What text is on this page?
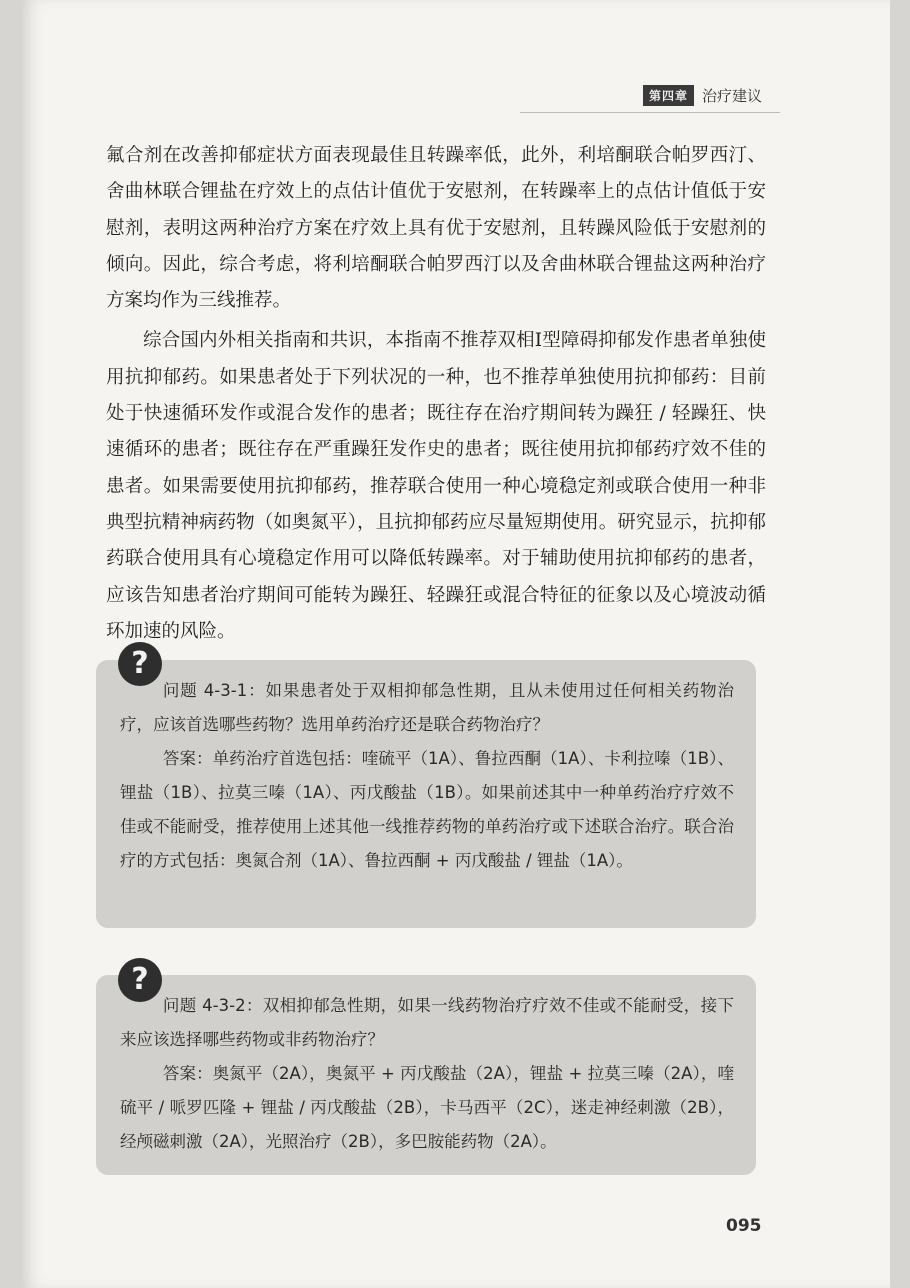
第四章 治疗建议

氟合剂在改善抑郁症状方面表现最佳且转躁率低，此外，利培酮联合帕罗西汀、舍曲林联合锂盐在疗效上的点估计值优于安慰剂，在转躁率上的点估计值低于安慰剂，表明这两种治疗方案在疗效上具有优于安慰剂，且转躁风险低于安慰剂的倾向。因此，综合考虑，将利培酮联合帕罗西汀以及舍曲林联合锂盐这两种治疗方案均作为三线推荐。

综合国内外相关指南和共识，本指南不推荐双相Ⅰ型障碍抑郁发作患者单独使用抗抑郁药。如果患者处于下列状况的一种，也不推荐单独使用抗抑郁药：目前处于快速循环发作或混合发作的患者；既往存在治疗期间转为躁狂 / 轻躁狂、快速循环的患者；既往存在严重躁狂发作史的患者；既往使用抗抑郁药疗效不佳的患者。如果需要使用抗抑郁药，推荐联合使用一种心境稳定剂或联合使用一种非典型抗精神病药物（如奥氮平），且抗抑郁药应尽量短期使用。研究显示，抗抑郁药联合使用具有心境稳定作用可以降低转躁率。对于辅助使用抗抑郁药的患者，应该告知患者治疗期间可能转为躁狂、轻躁狂或混合特征的征象以及心境波动循环加速的风险。

问题 4-3-1：如果患者处于双相抑郁急性期，且从未使用过任何相关药物治疗，应该首选哪些药物？选用单药治疗还是联合药物治疗？

答案：单药治疗首选包括：喹硫平（1A）、鲁拉西酮（1A）、卡利拉嗪（1B）、锂盐（1B）、拉莫三嗪（1A）、丙戊酸盐（1B）。如果前述其中一种单药治疗疗效不佳或不能耐受，推荐使用上述其他一线推荐药物的单药治疗或下述联合治疗。联合治疗的方式包括：奥氮合剂（1A）、鲁拉西酮 + 丙戊酸盐 / 锂盐（1A）。

?

问题 4-3-2：双相抑郁急性期，如果一线药物治疗疗效不佳或不能耐受，接下来应该选择哪些药物或非药物治疗？

答案：奥氮平（2A），奥氮平 + 丙戊酸盐（2A），锂盐 + 拉莫三嗪（2A），喹硫平 / 哌罗匹隆 + 锂盐 / 丙戊酸盐（2B），卡马西平（2C），迷走神经刺激（2B），经颅磁刺激（2A），光照治疗（2B），多巴胺能药物（2A）。

?
095
